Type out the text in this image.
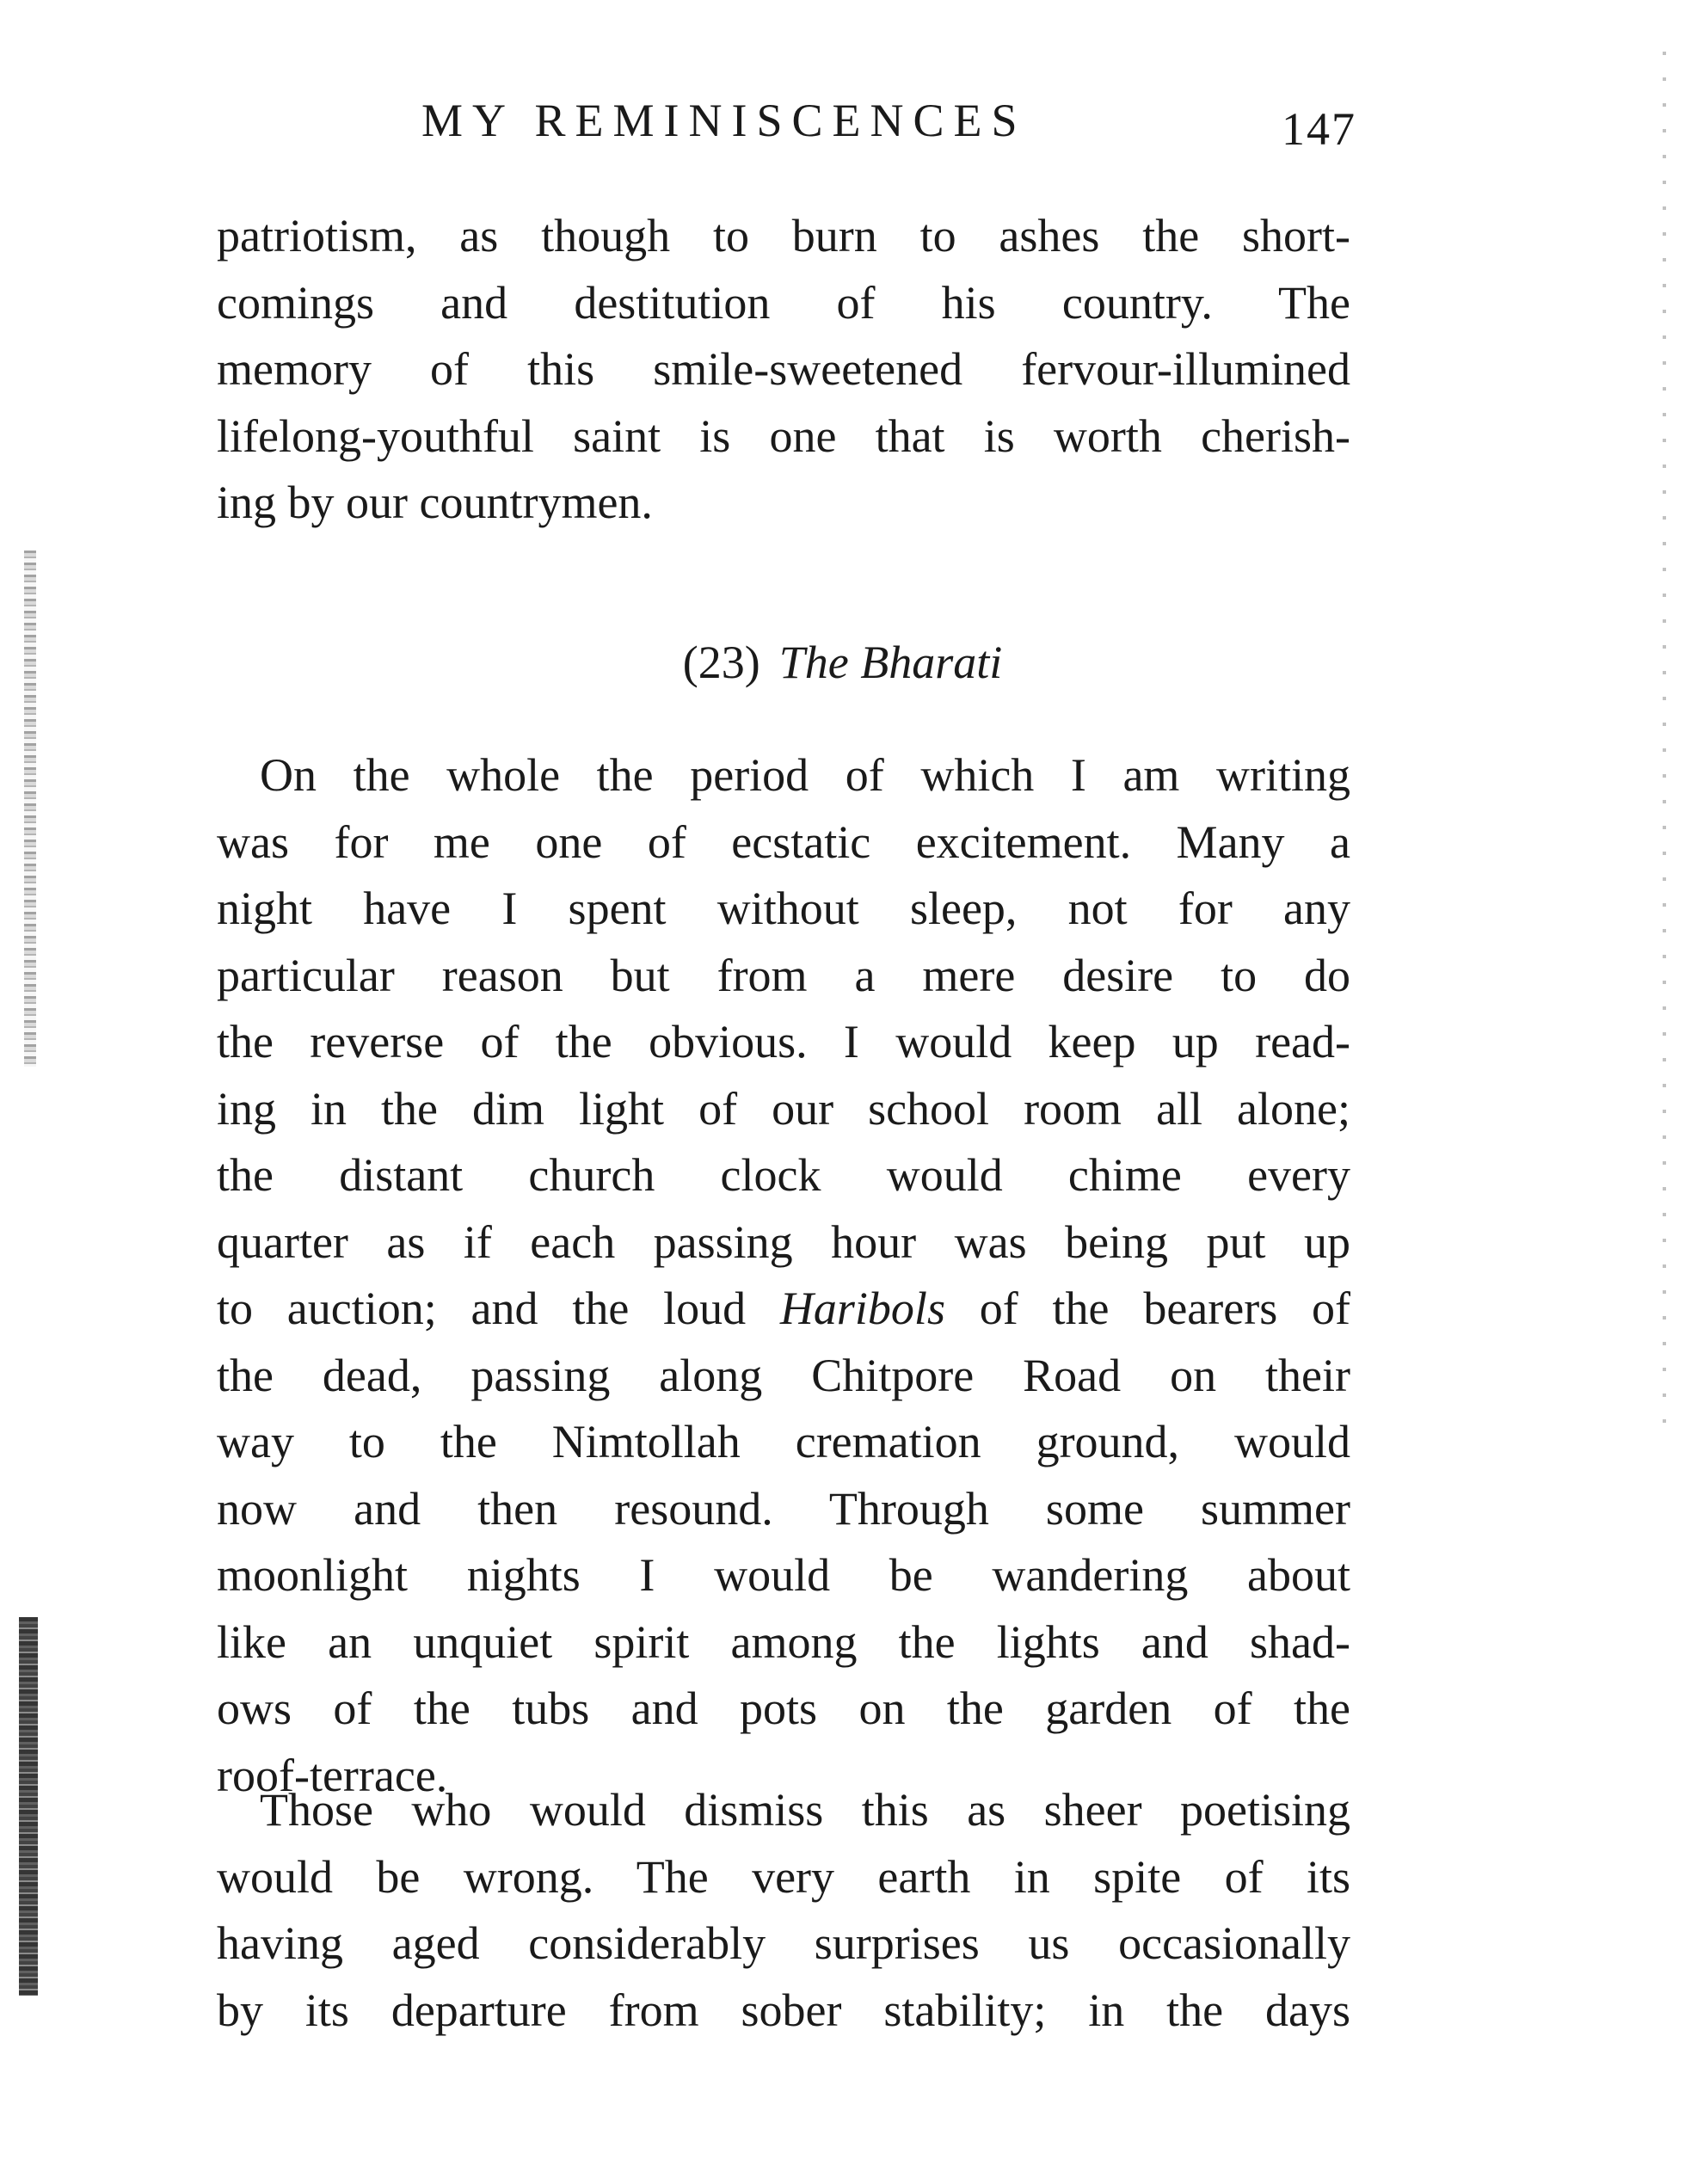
MY REMINISCENCES	147
patriotism, as though to burn to ashes the short-
comings and destitution of his country. The
memory of this smile-sweetened fervour-illumined
lifelong-youthful saint is one that is worth cherish-
ing by our countrymen.
(23) The Bharati
On the whole the period of which I am writing
was for me one of ecstatic excitement. Many a
night have I spent without sleep, not for any
particular reason but from a mere desire to do
the reverse of the obvious. I would keep up read-
ing in the dim light of our school room all alone;
the distant church clock would chime every
quarter as if each passing hour was being put up
to auction; and the loud Haribols of the bearers of
the dead, passing along Chitpore Road on their
way to the Nimtollah cremation ground, would
now and then resound. Through some summer
moonlight nights I would be wandering about
like an unquiet spirit among the lights and shad-
ows of the tubs and pots on the garden of the
roof-terrace.
Those who would dismiss this as sheer poetising
would be wrong. The very earth in spite of its
having aged considerably surprises us occasionally
by its departure from sober stability; in the days
